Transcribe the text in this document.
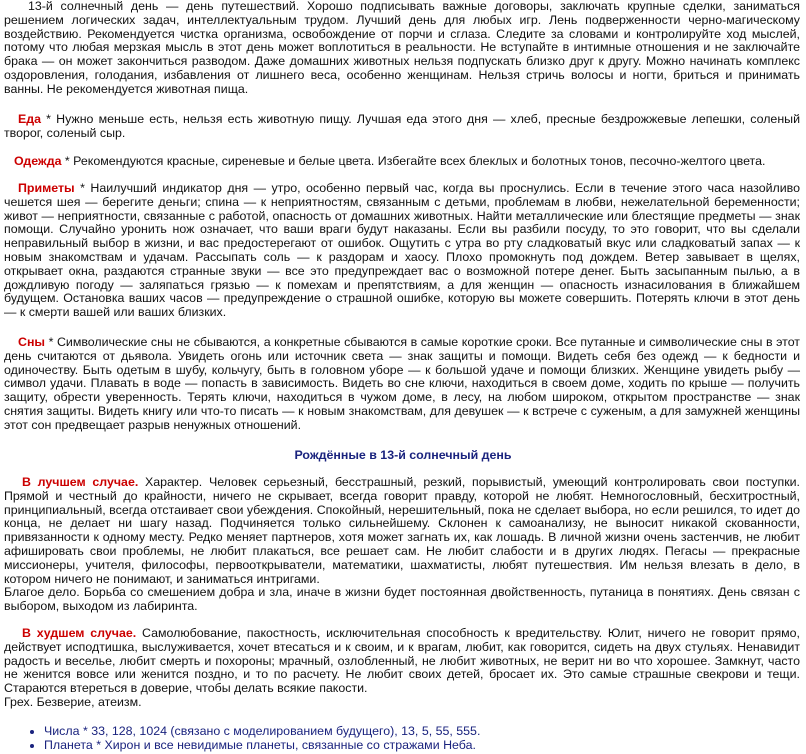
13-й солнечный день — день путешествий. Хорошо подписывать важные договоры, заключать крупные сделки, заниматься решением логических задач, интеллектуальным трудом. Лучший день для любых игр. Лень подверженности черно-магическому воздействию. Рекомендуется чистка организма, освобождение от порчи и сглаза. Следите за словами и контролируйте ход мыслей, потому что любая мерзкая мысль в этот день может воплотиться в реальности. Не вступайте в интимные отношения и не заключайте брака — он может закончиться разводом. Даже домашних животных нельзя подпускать близко друг к другу. Можно начинать комплекс оздоровления, голодания, избавления от лишнего веса, особенно женщинам. Нельзя стричь волосы и ногти, бриться и принимать ванны. Не рекомендуется животная пища.

Еда * Нужно меньше есть, нельзя есть животную пищу. Лучшая еда этого дня — хлеб, пресные бездрожжевые лепешки, соленый творог, соленый сыр.

Одежда * Рекомендуются красные, сиреневые и белые цвета. Избегайте всех блеклых и болотных тонов, песочно-желтого цвета.

Приметы * Наилучший индикатор дня — утро, особенно первый час, когда вы проснулись. Если в течение этого часа назойливо чешется шея — берегите деньги; спина — к неприятностям, связанным с детьми, проблемам в любви, нежелательной беременности; живот — неприятности, связанные с работой, опасность от домашних животных. Найти металлические или блестящие предметы — знак помощи. Случайно уронить нож означает, что ваши враги будут наказаны. Если вы разбили посуду, то это говорит, что вы сделали неправильный выбор в жизни, и вас предостерегают от ошибок. Ощутить с утра во рту сладковатый вкус или сладковатый запах — к новым знакомствам и удачам. Рассыпать соль — к раздорам и хаосу. Плохо промокнуть под дождем. Ветер завывает в щелях, открывает окна, раздаются странные звуки — все это предупреждает вас о возможной потере денег. Быть засыпанным пылью, а в дождливую погоду — заляпаться грязью — к помехам и препятствиям, а для женщин — опасность изнасилования в ближайшем будущем. Остановка ваших часов — предупреждение о страшной ошибке, которую вы можете совершить. Потерять ключи в этот день — к смерти вашей или ваших близких.

Сны * Символические сны не сбываются, а конкретные сбываются в самые короткие сроки. Все путанные и символические сны в этот день считаются от дьявола. Увидеть огонь или источник света — знак защиты и помощи. Видеть себя без одежд — к бедности и одиночеству. Быть одетым в шубу, кольчугу, быть в головном уборе — к большой удаче и помощи близких. Женщине увидеть рыбу — символ удачи. Плавать в воде — попасть в зависимость. Видеть во сне ключи, находиться в своем доме, ходить по крыше — получить защиту, обрести уверенность. Терять ключи, находиться в чужом доме, в лесу, на любом широком, открытом пространстве — знак снятия защиты. Видеть книгу или что-то писать — к новым знакомствам, для девушек — к встрече с суженым, а для замужней женщины этот сон предвещает разрыв ненужных отношений.

Рождённые в 13-й солнечный день

В лучшем случае. Характер. Человек серьезный, бесстрашный, резкий, порывистый, умеющий контролировать свои поступки. Прямой и честный до крайности, ничего не скрывает, всегда говорит правду, которой не любят. Немногословный, бесхитростный, принципиальный, всегда отстаивает свои убеждения. Спокойный, нерешительный, пока не сделает выбора, но если решился, то идет до конца, не делает ни шагу назад. Подчиняется только сильнейшему. Склонен к самоанализу, не выносит никакой скованности, привязанности к одному месту. Редко меняет партнеров, хотя может загнать их, как лошадь. В личной жизни очень застенчив, не любит афишировать свои проблемы, не любит плакаться, все решает сам. Не любит слабости и в других людях. Пегасы — прекрасные миссионеры, учителя, философы, первооткрыватели, математики, шахматисты, любят путешествия. Им нельзя влезать в дело, в котором ничего не понимают, и заниматься интригами.
Благое дело. Борьба со смешением добра и зла, иначе в жизни будет постоянная двойственность, путаница в понятиях. День связан с выбором, выходом из лабиринта.

В худшем случае. Самолюбование, пакостность, исключительная способность к вредительству. Юлит, ничего не говорит прямо, действует исподтишка, выслуживается, хочет втесаться и к своим, и к врагам, любит, как говорится, сидеть на двух стульях. Ненавидит радость и веселье, любит смерть и похороны; мрачный, озлобленный, не любит животных, не верит ни во что хорошее. Замкнут, часто не женится вовсе или женится поздно, и то по расчету. Не любит своих детей, бросает их. Это самые страшные свекрови и тещи. Стараются втереться в доверие, чтобы делать всякие пакости.
Грех. Безверие, атеизм.

• Числа * 33, 128, 1024 (связано с моделированием будущего), 13, 5, 55, 555.
• Планета * Хирон и все невидимые планеты, связанные со стражами Неба.
